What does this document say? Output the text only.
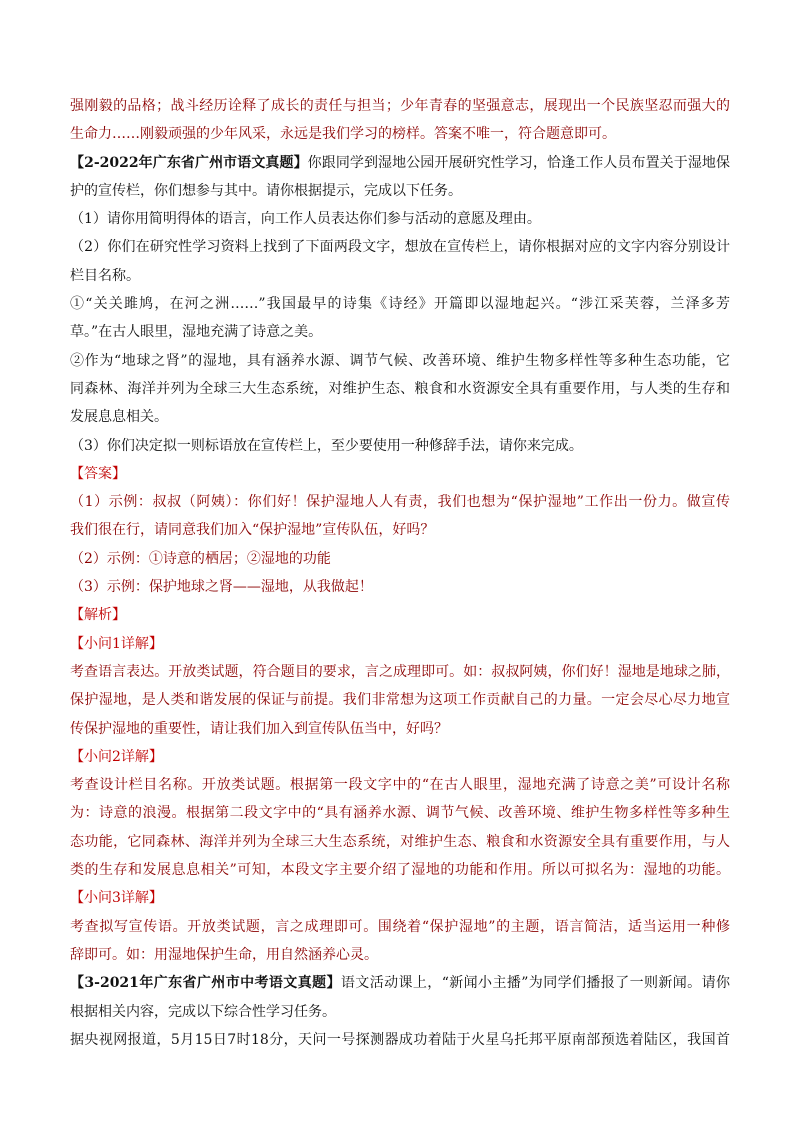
强刚毅的品格；战斗经历诠释了成长的责任与担当；少年青春的坚强意志，展现出一个民族坚忍而强大的
生命力……刚毅顽强的少年风采，永远是我们学习的榜样。答案不唯一，符合题意即可。
【2-2022年广东省广州市语文真题】你跟同学到湿地公园开展研究性学习，恰逢工作人员布置关于湿地保
护的宣传栏，你们想参与其中。请你根据提示，完成以下任务。
（1）请你用简明得体的语言，向工作人员表达你们参与活动的意愿及理由。
（2）你们在研究性学习资料上找到了下面两段文字，想放在宣传栏上，请你根据对应的文字内容分别设计
栏目名称。
①“关关雎鸠，在河之洲……”我国最早的诗集《诗经》开篇即以湿地起兴。“涉江采芙蓉，兰泽多芳
草。”在古人眼里，湿地充满了诗意之美。
②作为“地球之肾”的湿地，具有涵养水源、调节气候、改善环境、维护生物多样性等多种生态功能，它
同森林、海洋并列为全球三大生态系统，对维护生态、粮食和水资源安全具有重要作用，与人类的生存和
发展息息相关。
（3）你们决定拟一则标语放在宣传栏上，至少要使用一种修辞手法，请你来完成。
【答案】
（1）示例：叔叔（阿姨）：你们好！保护湿地人人有责，我们也想为“保护湿地”工作出一份力。做宣传
我们很在行，请同意我们加入“保护湿地”宣传队伍，好吗？
（2）示例：①诗意的栖居；②湿地的功能
（3）示例：保护地球之肾——湿地，从我做起！
【解析】
【小问1详解】
考查语言表达。开放类试题，符合题目的要求，言之成理即可。如：叔叔阿姨，你们好！湿地是地球之肺，
保护湿地，是人类和谐发展的保证与前提。我们非常想为这项工作贡献自己的力量。一定会尽心尽力地宣
传保护湿地的重要性，请让我们加入到宣传队伍当中，好吗？
【小问2详解】
考查设计栏目名称。开放类试题。根据第一段文字中的“在古人眼里，湿地充满了诗意之美”可设计名称
为：诗意的浪漫。根据第二段文字中的“具有涵养水源、调节气候、改善环境、维护生物多样性等多种生
态功能，它同森林、海洋并列为全球三大生态系统，对维护生态、粮食和水资源安全具有重要作用，与人
类的生存和发展息息相关”可知，本段文字主要介绍了湿地的功能和作用。所以可拟名为：湿地的功能。
【小问3详解】
考查拟写宣传语。开放类试题，言之成理即可。围绕着“保护湿地”的主题，语言简洁，适当运用一种修
辞即可。如：用湿地保护生命，用自然涵养心灵。
【3-2021年广东省广州市中考语文真题】语文活动课上，“新闻小主播”为同学们播报了一则新闻。请你
根据相关内容，完成以下综合性学习任务。
据央视网报道，5月15日7时18分，天问一号探测器成功着陆于火星乌托邦平原南部预选着陆区，我国首
